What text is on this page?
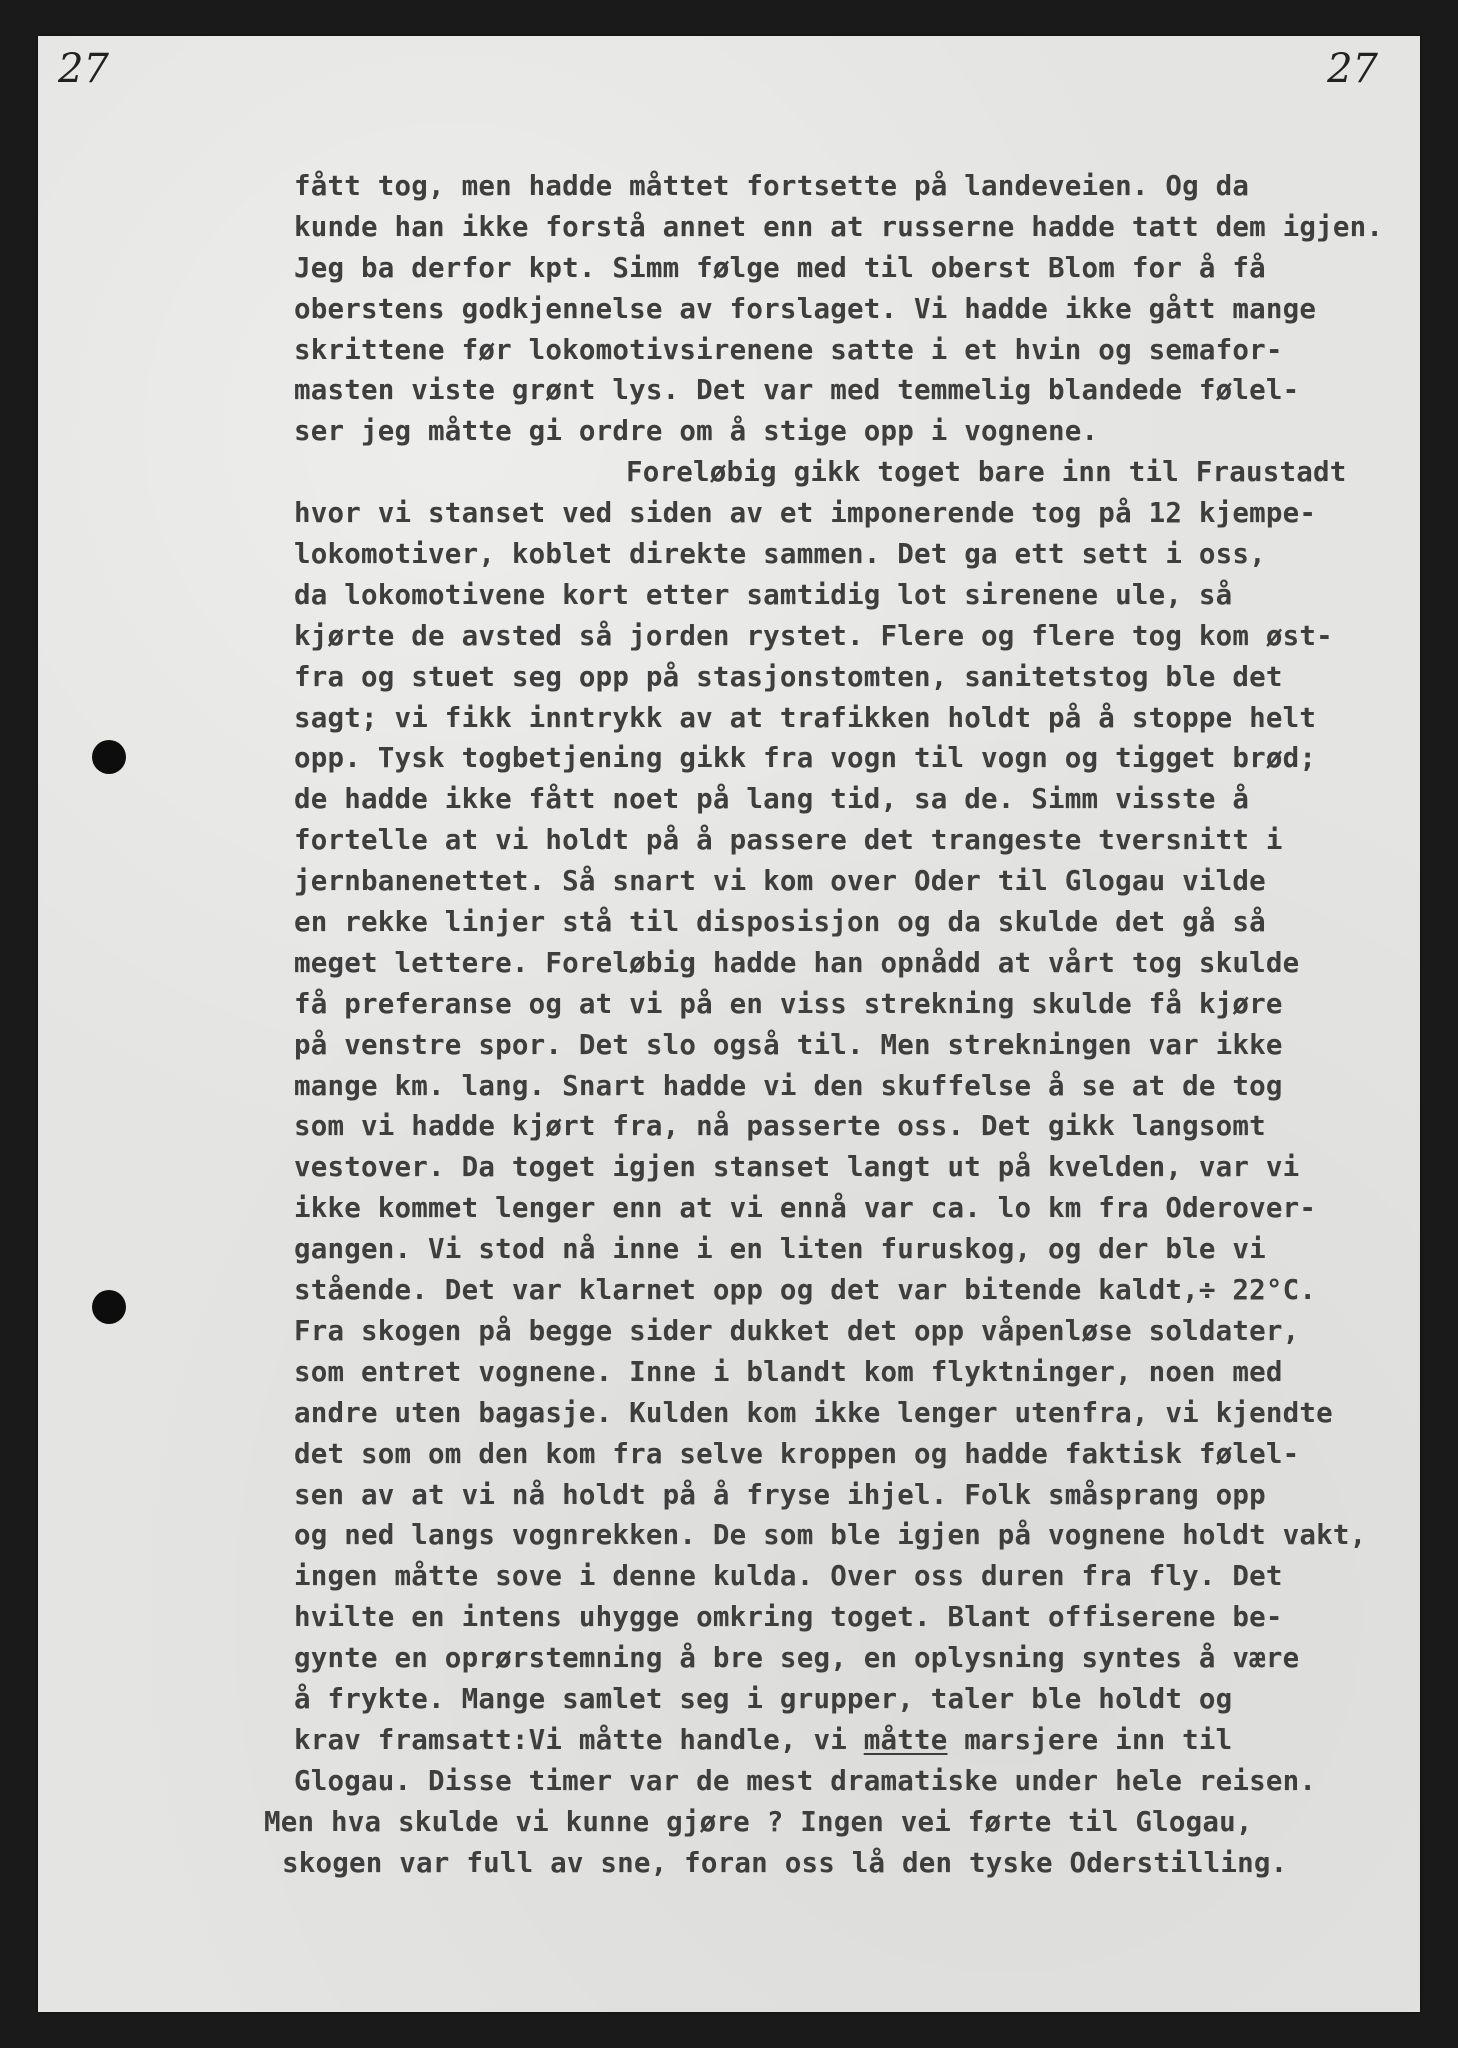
27	27
fått tog, men hadde måttet fortsette på landeveien. Og da
kunde han ikke forstå annet enn at russerne hadde tatt dem igjen.
Jeg ba derfor kpt. Simm følge med til oberst Blom for å få
oberstens godkjennelse av forslaget. Vi hadde ikke gått mange
skrittene før lokomotivsirenene satte i et hvin og semafor-
masten viste grønt lys. Det var med temmelig blandede følel-
ser jeg måtte gi ordre om å stige opp i vognene.
Foreløbig gikk toget bare inn til Fraustadt
hvor vi stanset ved siden av et imponerende tog på 12 kjempe-
lokomotiver, koblet direkte sammen. Det ga ett sett i oss,
da lokomotivene kort etter samtidig lot sirenene ule, så
kjørte de avsted så jorden rystet. Flere og flere tog kom øst-
fra og stuet seg opp på stasjonstomten, sanitetstog ble det
sagt; vi fikk inntrykk av at trafikken holdt på å stoppe helt
opp. Tysk togbetjening gikk fra vogn til vogn og tigget brød;
de hadde ikke fått noet på lang tid, sa de. Simm visste å
fortelle at vi holdt på å passere det trangeste tversnitt i
jernbanenettet. Så snart vi kom over Oder til Glogau vilde
en rekke linjer stå til disposisjon og da skulde det gå så
meget lettere. Foreløbig hadde han opnådd at vårt tog skulde
få preferanse og at vi på en viss strekning skulde få kjøre
på venstre spor. Det slo også til. Men strekningen var ikke
mange km. lang. Snart hadde vi den skuffelse å se at de tog
som vi hadde kjørt fra, nå passerte oss. Det gikk langsomt
vestover. Da toget igjen stanset langt ut på kvelden, var vi
ikke kommet lenger enn at vi ennå var ca. lo km fra Oderover-
gangen. Vi stod nå inne i en liten furuskog, og der ble vi
stående. Det var klarnet opp og det var bitende kaldt,÷ 22°C.
Fra skogen på begge sider dukket det opp våpenløse soldater,
som entret vognene. Inne i blandt kom flyktninger, noen med
andre uten bagasje. Kulden kom ikke lenger utenfra, vi kjendte
det som om den kom fra selve kroppen og hadde faktisk følel-
sen av at vi nå holdt på å fryse ihjel. Folk småsprang opp
og ned langs vognrekken. De som ble igjen på vognene holdt vakt,
ingen måtte sove i denne kulda. Over oss duren fra fly. Det
hvilte en intens uhygge omkring toget. Blant offiserene be-
gynte en oprørstemning å bre seg, en oplysning syntes å være
å frykte. Mange samlet seg i grupper, taler ble holdt og
krav framsatt:Vi måtte handle, vi måtte marsjere inn til
Glogau. Disse timer var de mest dramatiske under hele reisen.
Men hva skulde vi kunne gjøre ? Ingen vei førte til Glogau,
skogen var full av sne, foran oss lå den tyske Oderstilling.
